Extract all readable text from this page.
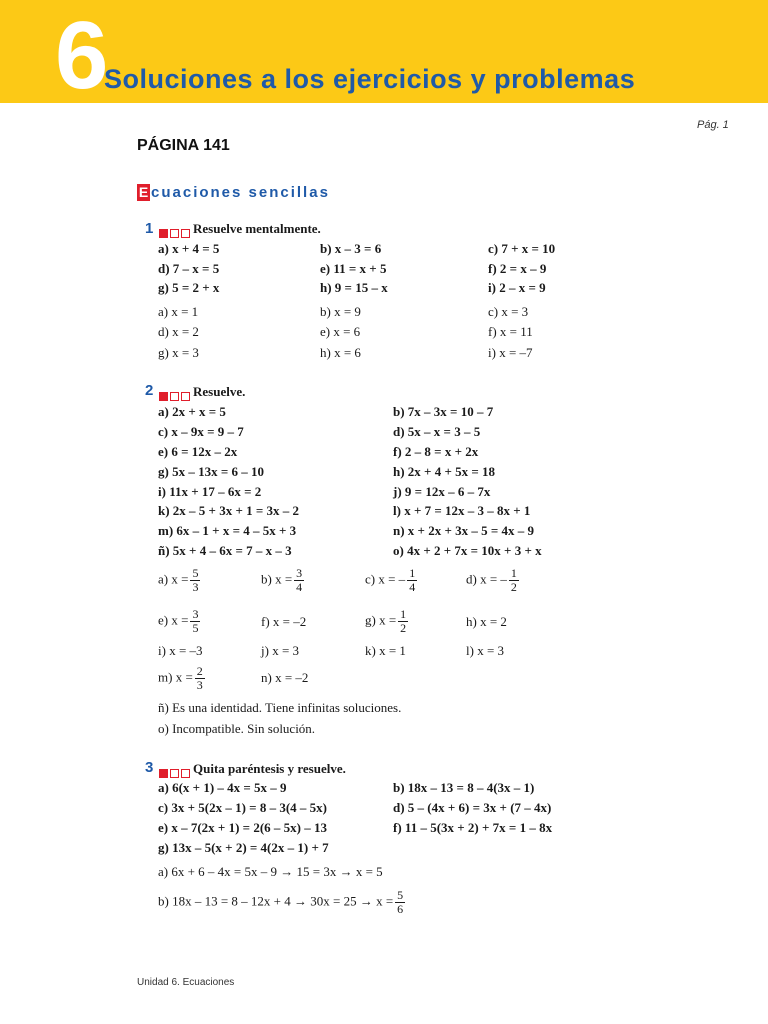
6
Soluciones a los ejercicios y problemas
Pág. 1
PÁGINA 141
E cuaciones sencillas
1	Resuelve mentalmente.
a) x + 4 = 5	b) x – 3 = 6	c) 7 + x = 10
d) 7 – x = 5	e) 11 = x + 5	f) 2 = x – 9
g) 5 = 2 + x	h) 9 = 15 – x	i) 2 – x = 9
a) x = 1	b) x = 9	c) x = 3
d) x = 2	e) x = 6	f) x = 11
g) x = 3	h) x = 6	i) x = –7
2	Resuelve.
a) 2x + x = 5	b) 7x – 3x = 10 – 7
c) x – 9x = 9 – 7	d) 5x – x = 3 – 5
e) 6 = 12x – 2x	f) 2 – 8 = x + 2x
g) 5x – 13x = 6 – 10	h) 2x + 4 + 5x = 18
i) 11x + 17 – 6x = 2	j) 9 = 12x – 6 – 7x
k) 2x – 5 + 3x + 1 = 3x – 2	l) x + 7 = 12x – 3 – 8x + 1
m) 6x – 1 + x = 4 – 5x + 3	n) x + 2x + 3x – 5 = 4x – 9
ñ) 5x + 4 – 6x = 7 – x – 3	o) 4x + 2 + 7x = 10x + 3 + x
a) $x = \frac{5}{3}$	b) $x = \frac{3}{4}$	c) x = – $\frac{1}{4}$	d) x = – $\frac{1}{2}$
e) $x = \frac{3}{5}$	f) x = –2	g) $x = \frac{1}{2}$	h) x = 2
i) x = –3	j) x = 3	k) x = 1	l) x = 3
m) $x = \frac{2}{3}$	n) x = –2
ñ) Es una identidad. Tiene infinitas soluciones.
o) Incompatible. Sin solución.
3	Quita paréntesis y resuelve.
a) 6(x + 1) – 4x = 5x – 9	b) 18x – 13 = 8 – 4(3x – 1)
c) 3x + 5(2x – 1) = 8 – 3(4 – 5x)	d) 5 – (4x + 6) = 3x + (7 – 4x)
e) x – 7(2x + 1) = 2(6 – 5x) – 13	f) 11 – 5(3x + 2) + 7x = 1 – 8x
g) 13x – 5(x + 2) = 4(2x – 1) + 7
a) 6x + 6 – 4x = 5x – 9 → 15 = 3x → x = 5
b) $18x - 13 = 8 - 12x + 4 \to 30x = 25 \to x = \frac{5}{6}$
Unidad 6. Ecuaciones
